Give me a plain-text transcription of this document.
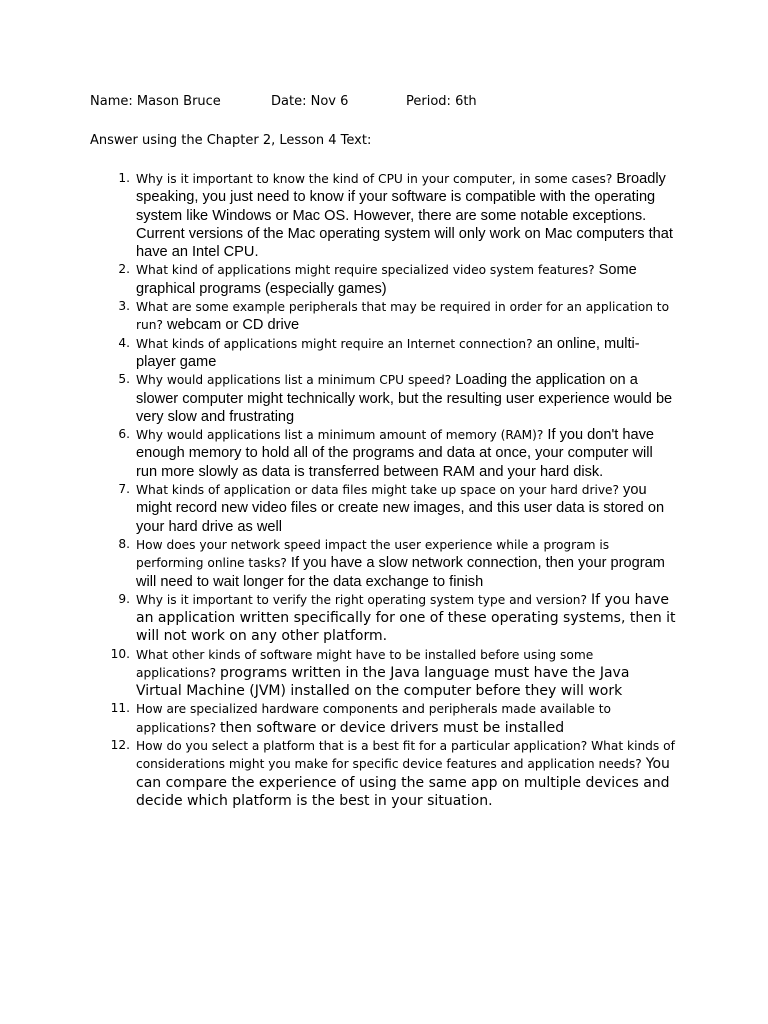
Name: Mason Bruce	Date: Nov 6	Period: 6th
Answer using the Chapter 2, Lesson 4 Text:
1. Why is it important to know the kind of CPU in your computer, in some cases? Broadly speaking, you just need to know if your software is compatible with the operating system like Windows or Mac OS. However, there are some notable exceptions. Current versions of the Mac operating system will only work on Mac computers that have an Intel CPU.

2. What kind of applications might require specialized video system features? Some graphical programs (especially games)

3. What are some example peripherals that may be required in order for an application to run? webcam or CD drive

4. What kinds of applications might require an Internet connection? an online, multi-player game

5. Why would applications list a minimum CPU speed? Loading the application on a slower computer might technically work, but the resulting user experience would be very slow and frustrating

6. Why would applications list a minimum amount of memory (RAM)? If you don't have enough memory to hold all of the programs and data at once, your computer will run more slowly as data is transferred between RAM and your hard disk.

7. What kinds of application or data files might take up space on your hard drive? you might record new video files or create new images, and this user data is stored on your hard drive as well

8. How does your network speed impact the user experience while a program is performing online tasks? If you have a slow network connection, then your program will need to wait longer for the data exchange to finish

9. Why is it important to verify the right operating system type and version? If you have an application written specifically for one of these operating systems, then it will not work on any other platform.

10. What other kinds of software might have to be installed before using some applications? programs written in the Java language must have the Java Virtual Machine (JVM) installed on the computer before they will work

11. How are specialized hardware components and peripherals made available to applications? then software or device drivers must be installed

12. How do you select a platform that is a best fit for a particular application? What kinds of considerations might you make for specific device features and application needs? You can compare the experience of using the same app on multiple devices and decide which platform is the best in your situation.
